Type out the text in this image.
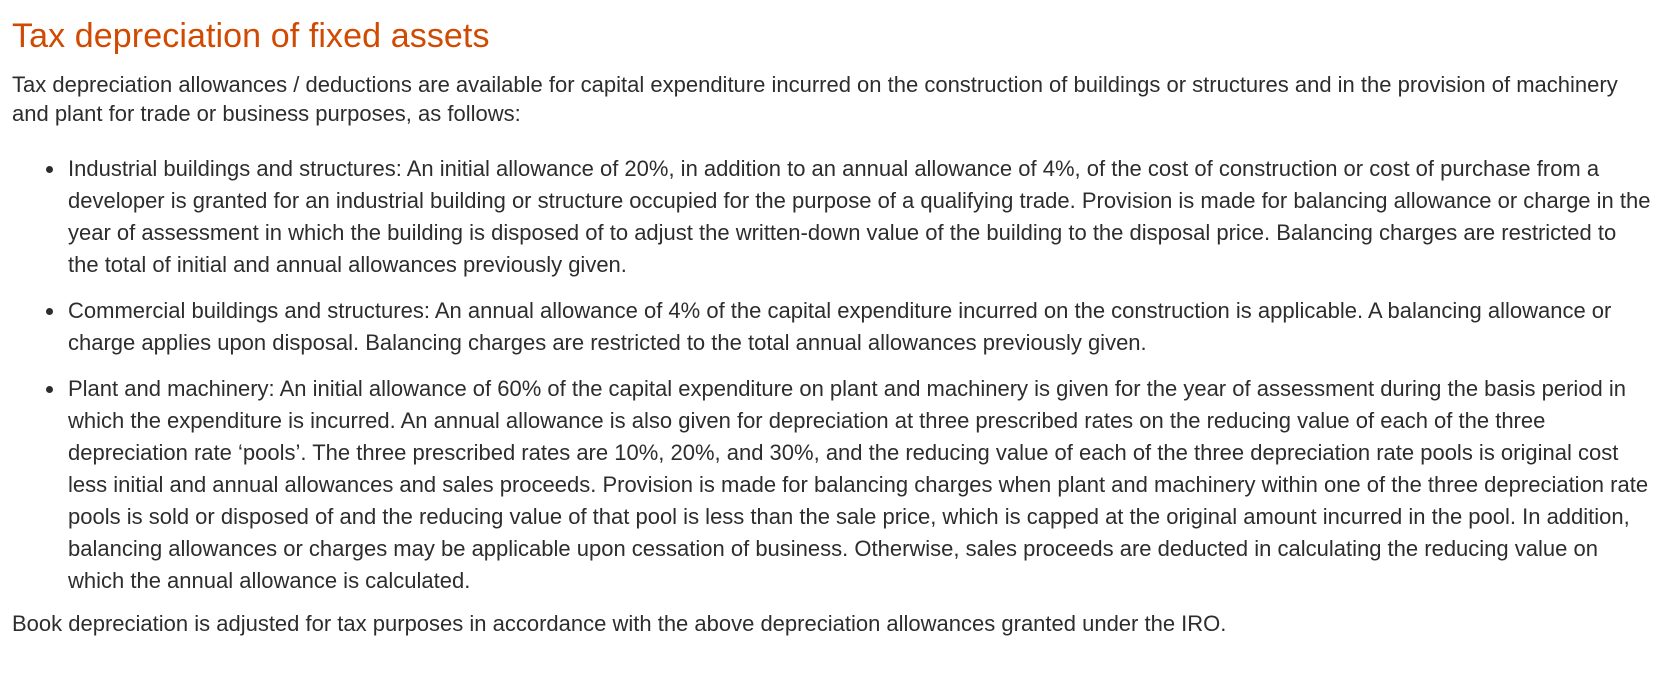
Tax depreciation of fixed assets

Tax depreciation allowances / deductions are available for capital expenditure incurred on the construction of buildings or structures and in the provision of machinery and plant for trade or business purposes, as follows:

Industrial buildings and structures: An initial allowance of 20%, in addition to an annual allowance of 4%, of the cost of construction or cost of purchase from a developer is granted for an industrial building or structure occupied for the purpose of a qualifying trade. Provision is made for balancing allowance or charge in the year of assessment in which the building is disposed of to adjust the written-down value of the building to the disposal price. Balancing charges are restricted to the total of initial and annual allowances previously given.
Commercial buildings and structures: An annual allowance of 4% of the capital expenditure incurred on the construction is applicable. A balancing allowance or charge applies upon disposal. Balancing charges are restricted to the total annual allowances previously given.
Plant and machinery: An initial allowance of 60% of the capital expenditure on plant and machinery is given for the year of assessment during the basis period in which the expenditure is incurred. An annual allowance is also given for depreciation at three prescribed rates on the reducing value of each of the three depreciation rate ‘pools’. The three prescribed rates are 10%, 20%, and 30%, and the reducing value of each of the three depreciation rate pools is original cost less initial and annual allowances and sales proceeds. Provision is made for balancing charges when plant and machinery within one of the three depreciation rate pools is sold or disposed of and the reducing value of that pool is less than the sale price, which is capped at the original amount incurred in the pool. In addition, balancing allowances or charges may be applicable upon cessation of business. Otherwise, sales proceeds are deducted in calculating the reducing value on which the annual allowance is calculated.

Book depreciation is adjusted for tax purposes in accordance with the above depreciation allowances granted under the IRO.
